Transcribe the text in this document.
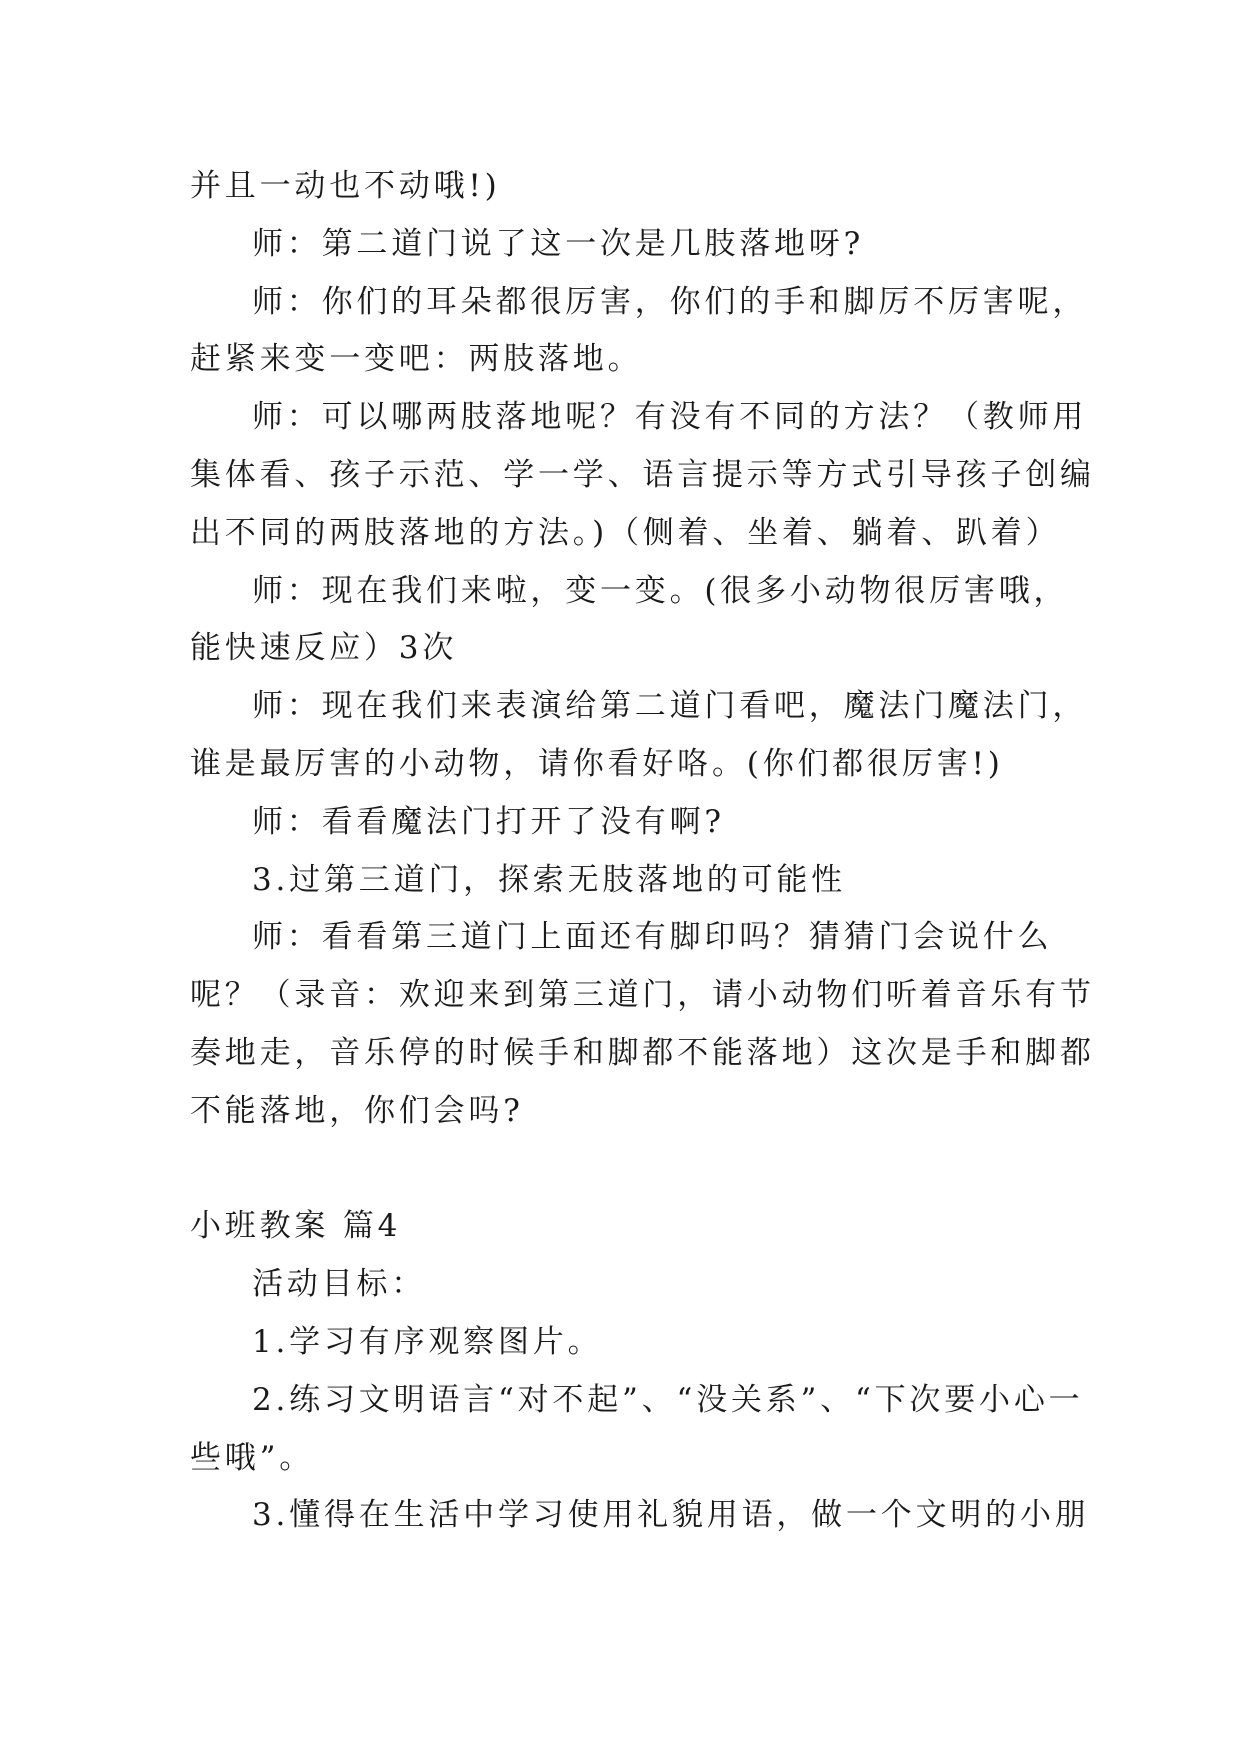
并且一动也不动哦!)
师：第二道门说了这一次是几肢落地呀?
师：你们的耳朵都很厉害，你们的手和脚厉不厉害呢，
赶紧来变一变吧：两肢落地。
师：可以哪两肢落地呢？有没有不同的方法？（教师用
集体看、孩子示范、学一学、语言提示等方式引导孩子创编
出不同的两肢落地的方法。)（侧着、坐着、躺着、趴着）
师：现在我们来啦，变一变。(很多小动物很厉害哦，
能快速反应）3次
师：现在我们来表演给第二道门看吧，魔法门魔法门，
谁是最厉害的小动物，请你看好咯。(你们都很厉害!)
师：看看魔法门打开了没有啊?
3.过第三道门，探索无肢落地的可能性
师：看看第三道门上面还有脚印吗？猜猜门会说什么
呢？（录音：欢迎来到第三道门，请小动物们听着音乐有节
奏地走，音乐停的时候手和脚都不能落地）这次是手和脚都
不能落地，你们会吗?
小班教案 篇4
活动目标：
1.学习有序观察图片。
2.练习文明语言“对不起”、“没关系”、“下次要小心一
些哦”。
3.懂得在生活中学习使用礼貌用语，做一个文明的小朋
